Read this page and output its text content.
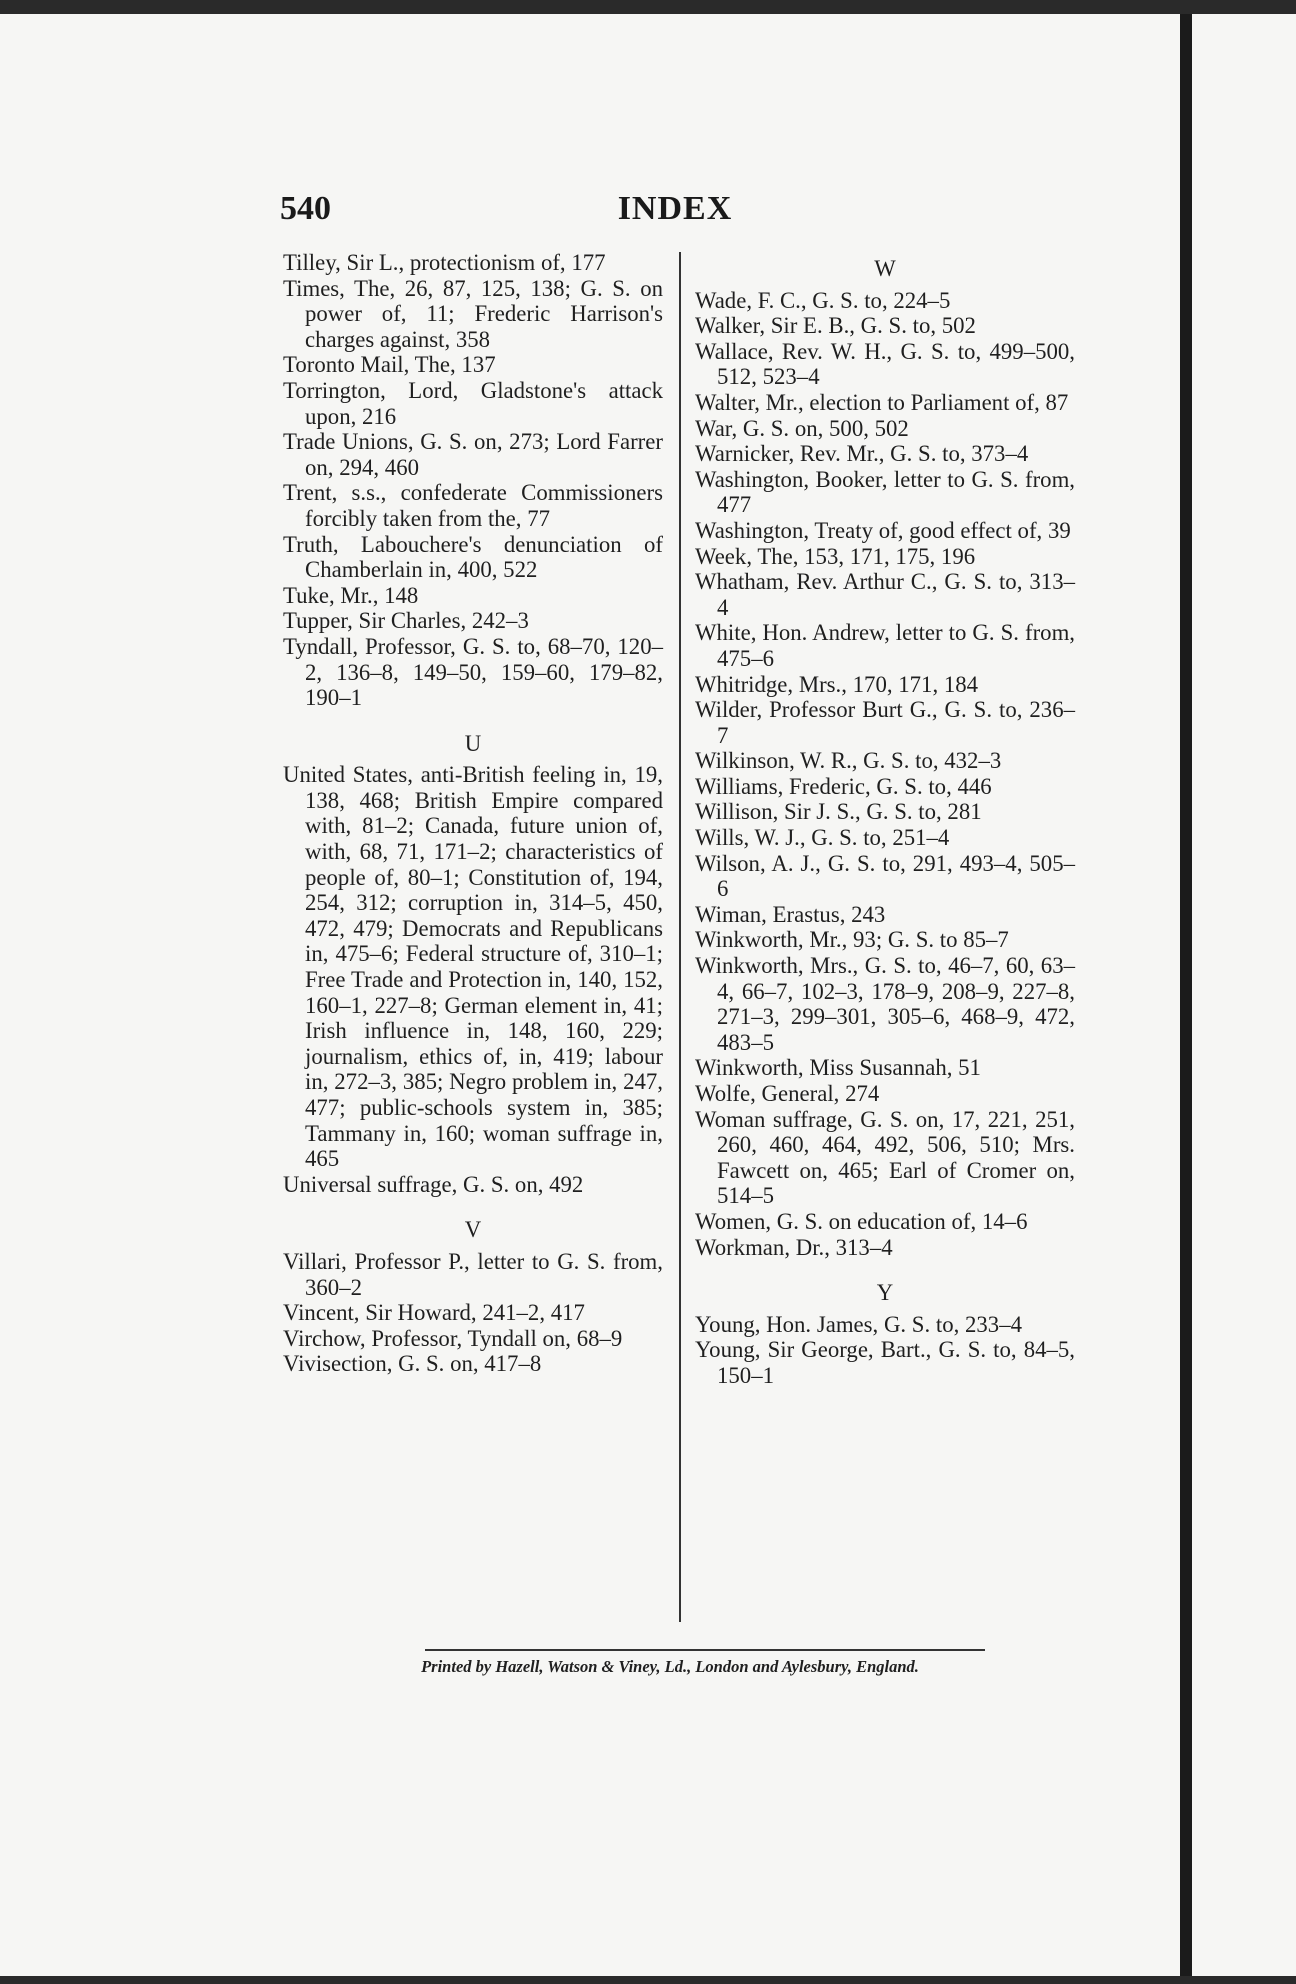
540	INDEX
Tilley, Sir L., protectionism of, 177
Times, The, 26, 87, 125, 138; G. S. on power of, 11; Frederic Harrison's charges against, 358
Toronto Mail, The, 137
Torrington, Lord, Gladstone's attack upon, 216
Trade Unions, G. S. on, 273; Lord Farrer on, 294, 460
Trent, s.s., confederate Commissioners forcibly taken from the, 77
Truth, Labouchere's denunciation of Chamberlain in, 400, 522
Tuke, Mr., 148
Tupper, Sir Charles, 242–3
Tyndall, Professor, G. S. to, 68–70, 120–2, 136–8, 149–50, 159–60, 179–82, 190–1
U
United States, anti-British feeling in, 19, 138, 468; British Empire compared with, 81–2; Canada, future union of, with, 68, 71, 171–2; characteristics of people of, 80–1; Constitution of, 194, 254, 312; corruption in, 314–5, 450, 472, 479; Democrats and Republicans in, 475–6; Federal structure of, 310–1; Free Trade and Protection in, 140, 152, 160–1, 227–8; German element in, 41; Irish influence in, 148, 160, 229; journalism, ethics of, in, 419; labour in, 272–3, 385; Negro problem in, 247, 477; public-schools system in, 385; Tammany in, 160; woman suffrage in, 465
Universal suffrage, G. S. on, 492
V
Villari, Professor P., letter to G. S. from, 360–2
Vincent, Sir Howard, 241–2, 417
Virchow, Professor, Tyndall on, 68–9
Vivisection, G. S. on, 417–8
W
Wade, F. C., G. S. to, 224–5
Walker, Sir E. B., G. S. to, 502
Wallace, Rev. W. H., G. S. to, 499–500, 512, 523–4
Walter, Mr., election to Parliament of, 87
War, G. S. on, 500, 502
Warnicker, Rev. Mr., G. S. to, 373–4
Washington, Booker, letter to G. S. from, 477
Washington, Treaty of, good effect of, 39
Week, The, 153, 171, 175, 196
Whatham, Rev. Arthur C., G. S. to, 313–4
White, Hon. Andrew, letter to G. S. from, 475–6
Whitridge, Mrs., 170, 171, 184
Wilder, Professor Burt G., G. S. to, 236–7
Wilkinson, W. R., G. S. to, 432–3
Williams, Frederic, G. S. to, 446
Willison, Sir J. S., G. S. to, 281
Wills, W. J., G. S. to, 251–4
Wilson, A. J., G. S. to, 291, 493–4, 505–6
Wiman, Erastus, 243
Winkworth, Mr., 93; G. S. to 85–7
Winkworth, Mrs., G. S. to, 46–7, 60, 63–4, 66–7, 102–3, 178–9, 208–9, 227–8, 271–3, 299–301, 305–6, 468–9, 472, 483–5
Winkworth, Miss Susannah, 51
Wolfe, General, 274
Woman suffrage, G. S. on, 17, 221, 251, 260, 460, 464, 492, 506, 510; Mrs. Fawcett on, 465; Earl of Cromer on, 514–5
Women, G. S. on education of, 14–6
Workman, Dr., 313–4
Y
Young, Hon. James, G. S. to, 233–4
Young, Sir George, Bart., G. S. to, 84–5, 150–1
Printed by Hazell, Watson & Viney, Ld., London and Aylesbury, England.
